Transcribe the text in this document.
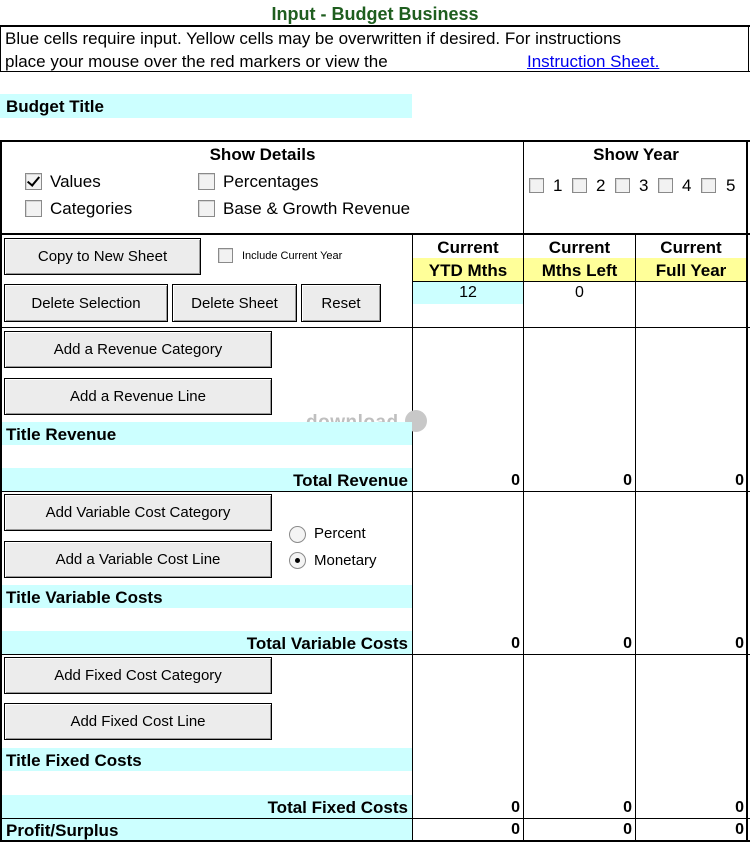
Input - Budget Business
Blue cells require input. Yellow cells may be overwritten if desired. For instructions
place your mouse over the red markers or view the	Instruction Sheet.
Budget Title
Show Details
Values
Categories
Percentages
Base & Growth Revenue
Show Year
1 2 3 4 5
Copy to New Sheet	Include Current Year
Delete Selection	Delete Sheet	Reset
Current	Current	Current
YTD Mths	Mths Left	Full Year
12	0
Add a Revenue Category
Add a Revenue Line
Title Revenue
Total Revenue	0	0	0
Add Variable Cost Category
Add a Variable Cost Line
Percent
Monetary
Title Variable Costs
Total Variable Costs	0	0	0
Add Fixed Cost Category
Add Fixed Cost Line
Title Fixed Costs
Total Fixed Costs	0	0	0
Profit/Surplus	0	0	0
